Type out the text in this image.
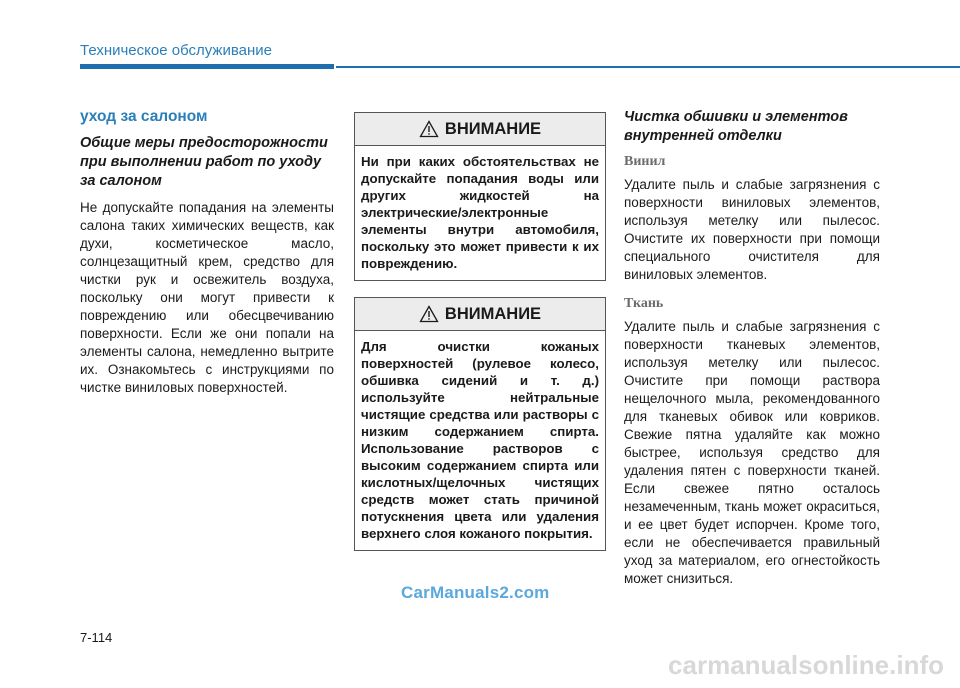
Техническое обслуживание
уход за салоном
Общие меры предосторожности при выполнении работ по уходу за салоном

Не допускайте попадания на элементы салона таких химических веществ, как духи, косметическое масло, солнцезащитный крем, средство для чистки рук и освежитель воздуха, поскольку они могут привести к повреждению или обесцвечиванию поверхности. Если же они попали на элементы салона, немедленно вытрите их. Ознакомьтесь с инструкциями по чистке виниловых поверхностей.

ВНИМАНИЕ
Ни при каких обстоятельствах не допускайте попадания воды или других жидкостей на электрические/электронные элементы внутри автомобиля, поскольку это может привести к их повреждению.
ВНИМАНИЕ
Для очистки кожаных поверхностей (рулевое колесо, обшивка сидений и т. д.) используйте нейтральные чистящие средства или растворы с низким содержанием спирта. Использование растворов с высоким содержанием спирта или кислотных/щелочных чистящих средств может стать причиной потускнения цвета или удаления верхнего слоя кожаного покрытия.
Чистка обшивки и элементов внутренней отделки
Винил

Удалите пыль и слабые загрязнения с поверхности виниловых элементов, используя метелку или пылесос. Очистите их поверхности при помощи специального очистителя для виниловых элементов.

Ткань

Удалите пыль и слабые загрязнения с поверхности тканевых элементов, используя метелку или пылесос. Очистите при помощи раствора нещелочного мыла, рекомендованного для тканевых обивок или ковриков. Свежие пятна удаляйте как можно быстрее, используя средство для удаления пятен с поверхности тканей. Если свежее пятно осталось незамеченным, ткань может окраситься, и ее цвет будет испорчен. Кроме того, если не обеспечивается правильный уход за материалом, его огнестойкость может снизиться.

CarManuals2.com
7-114
carmanualsonline.info
